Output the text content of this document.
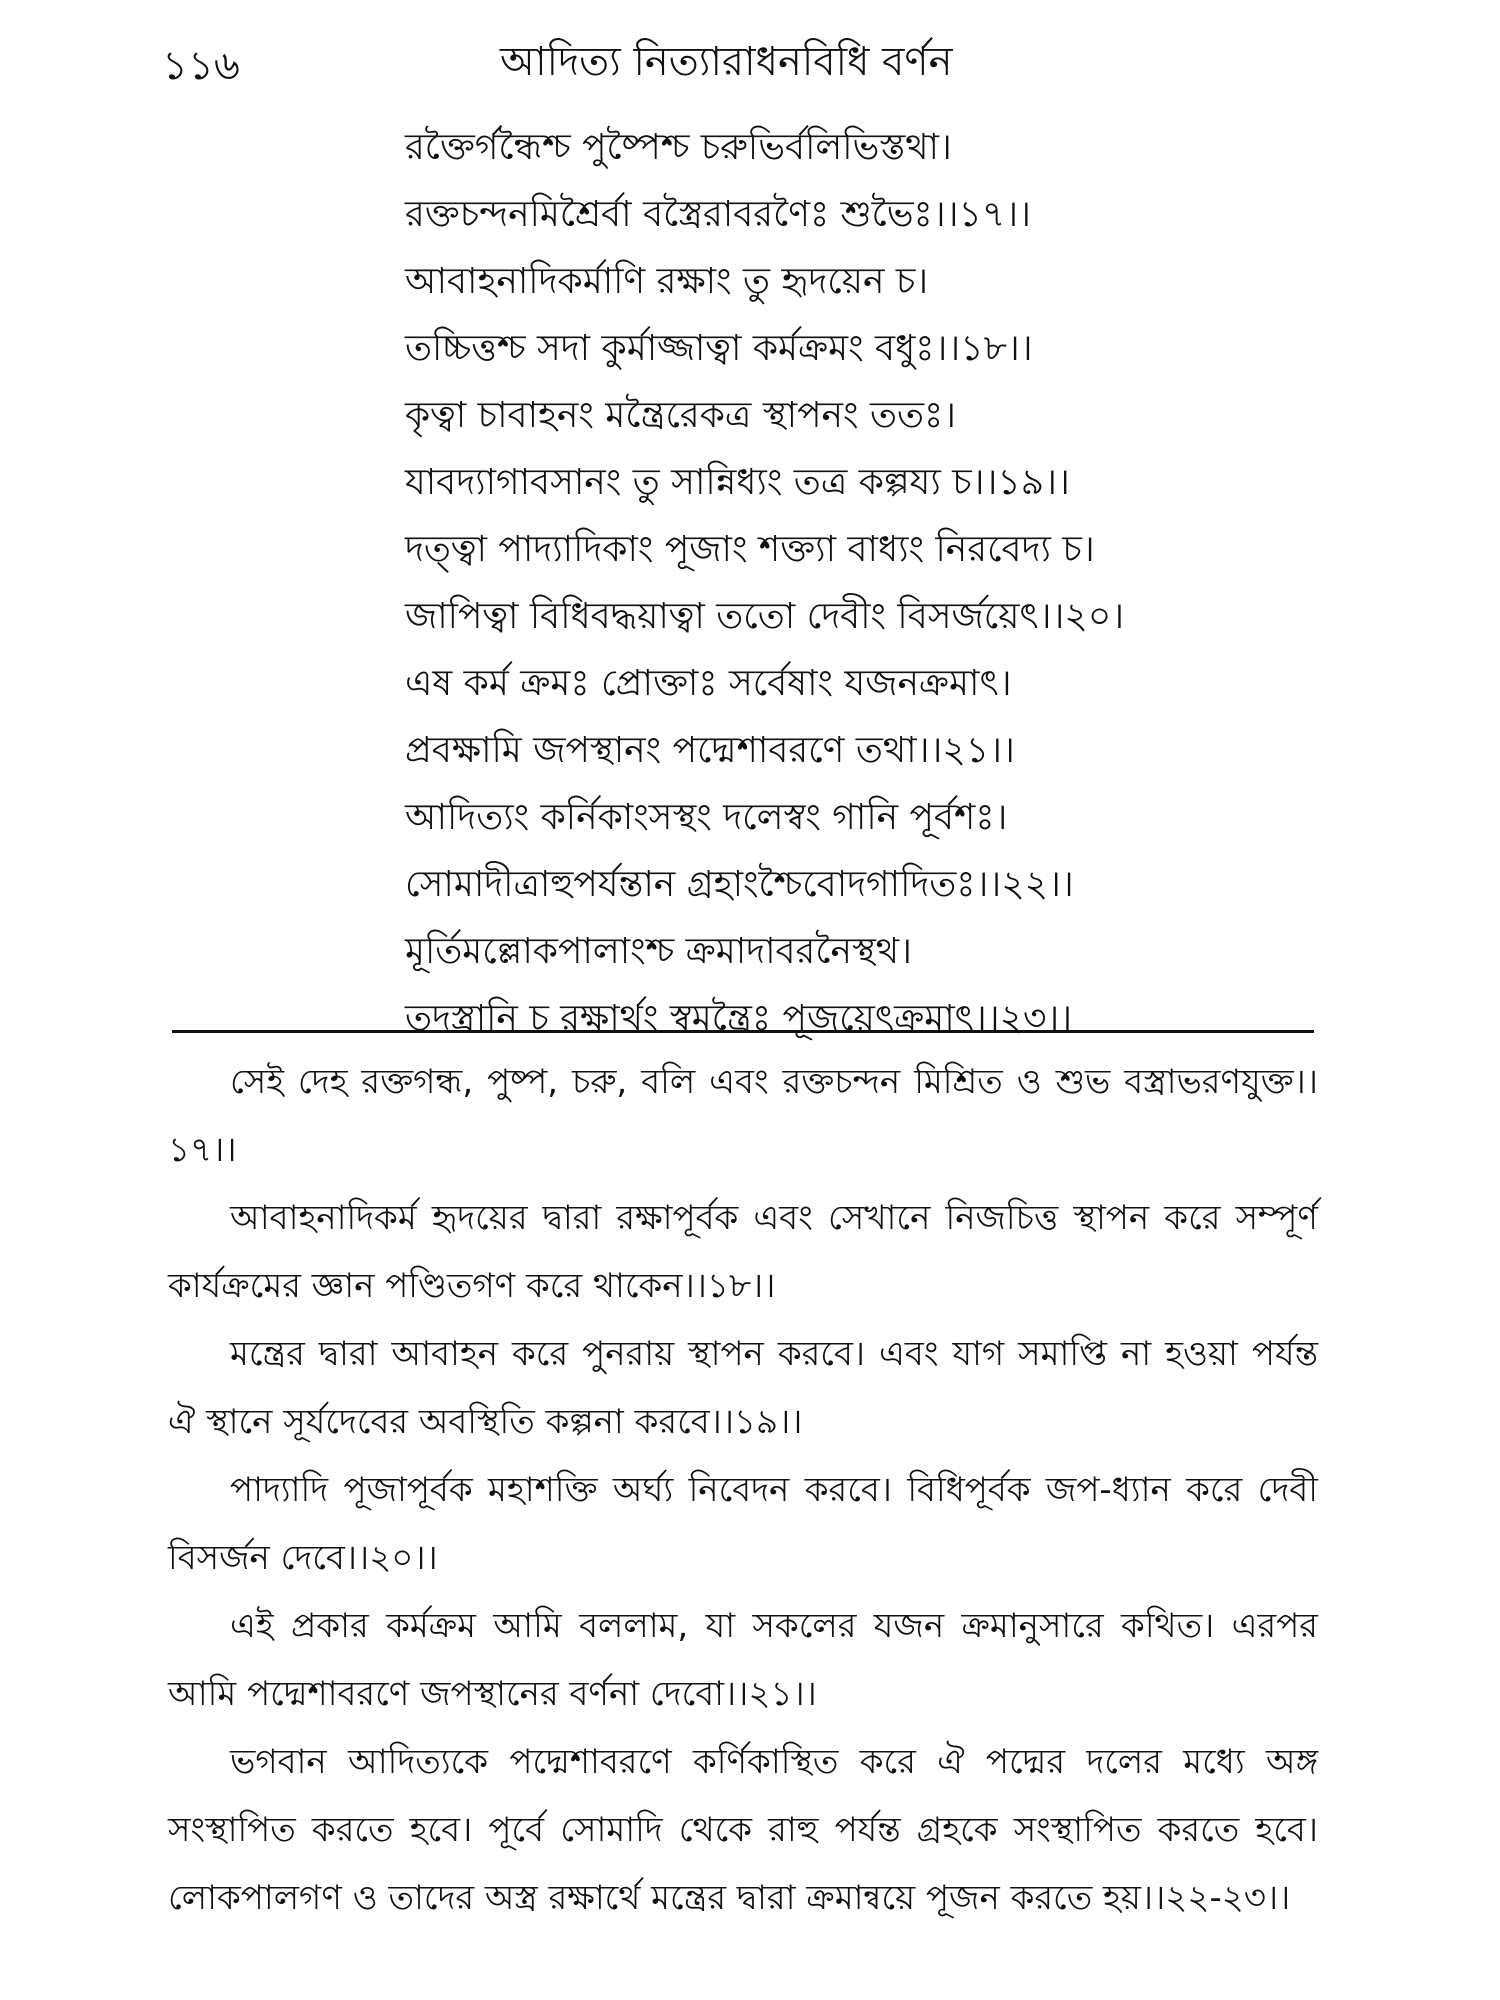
১১৬	আদিত্য নিত্যারাধনবিধি বর্ণন
রক্তৈর্গন্ধৈশ্চ পুষ্পৈশ্চ চরুভির্বলিভিস্তথা।
রক্তচন্দনমিশ্রৈর্বা বস্ত্রৈরাবরণৈঃ শুভৈঃ।।১৭।।
আবাহনাদিকর্মাণি রক্ষাং তু হৃদয়েন চ।
তচ্চিত্তশ্চ সদা কুর্মাজ্জাত্বা কর্মক্রমং বধুঃ।।১৮।।
কৃত্বা চাবাহনং মন্ত্রৈরেকত্র স্থাপনং ততঃ।
যাবদ্যাগাবসানং তু সান্নিধ্যং তত্র কল্পয্য চ।।১৯।।
দত্ত্বা পাদ্যাদিকাং পূজাং শক্ত্যা বাধ্যং নিরবেদ্য চ।
জাপিত্বা বিধিবদ্ধয়াত্বা ততো দেবীং বিসর্জয়েৎ।।২০।
এষ কর্ম ক্রমঃ প্রোক্তাঃ সর্বেষাং যজনক্রমাৎ।
প্রবক্ষামি জপস্থানং পদ্মেশাবরণে তথা।।২১।।
আদিত্যং কর্নিকাংসস্থং দলেস্বং গানি পূর্বশঃ।
সোমাদীত্রাহুপর্যন্তান গ্রহাংশ্চৈবোদগাদিতঃ।।২২।।
মূর্তিমল্লোকপালাংশ্চ ক্রমাদাবরনৈস্থথ।
তদস্ত্রানি চ রক্ষার্থং স্বমন্ত্রৈঃ পূজয়েৎক্রমাৎ।।২৩।।

সেই দেহ রক্তগন্ধ, পুষ্প, চরু, বলি এবং রক্তচন্দন মিশ্রিত ও শুভ বস্ত্রাভরণযুক্ত।।১৭।।

আবাহনাদিকর্ম হৃদয়ের দ্বারা রক্ষাপূর্বক এবং সেখানে নিজচিত্ত স্থাপন করে সম্পূর্ণ কার্যক্রমের জ্ঞান পণ্ডিতগণ করে থাকেন।।১৮।।

মন্ত্রের দ্বারা আবাহন করে পুনরায় স্থাপন করবে। এবং যাগ সমাপ্তি না হওয়া পর্যন্ত ঐ স্থানে সূর্যদেবের অবস্থিতি কল্পনা করবে।।১৯।।

পাদ্যাদি পূজাপূর্বক মহাশক্তি অর্ঘ্য নিবেদন করবে। বিধিপূর্বক জপ-ধ্যান করে দেবী বিসর্জন দেবে।।২০।।

এই প্রকার কর্মক্রম আমি বললাম, যা সকলের যজন ক্রমানুসারে কথিত। এরপর আমি পদ্মেশাবরণে জপস্থানের বর্ণনা দেবো।।২১।।

ভগবান আদিত্যকে পদ্মেশাবরণে কর্ণিকাস্থিত করে ঐ পদ্মের দলের মধ্যে অঙ্গ সংস্থাপিত করতে হবে। পূর্বে সোমাদি থেকে রাহু পর্যন্ত গ্রহকে সংস্থাপিত করতে হবে। লোকপালগণ ও তাদের অস্ত্র রক্ষার্থে মন্ত্রের দ্বারা ক্রমান্বয়ে পূজন করতে হয়।।২২-২৩।।
